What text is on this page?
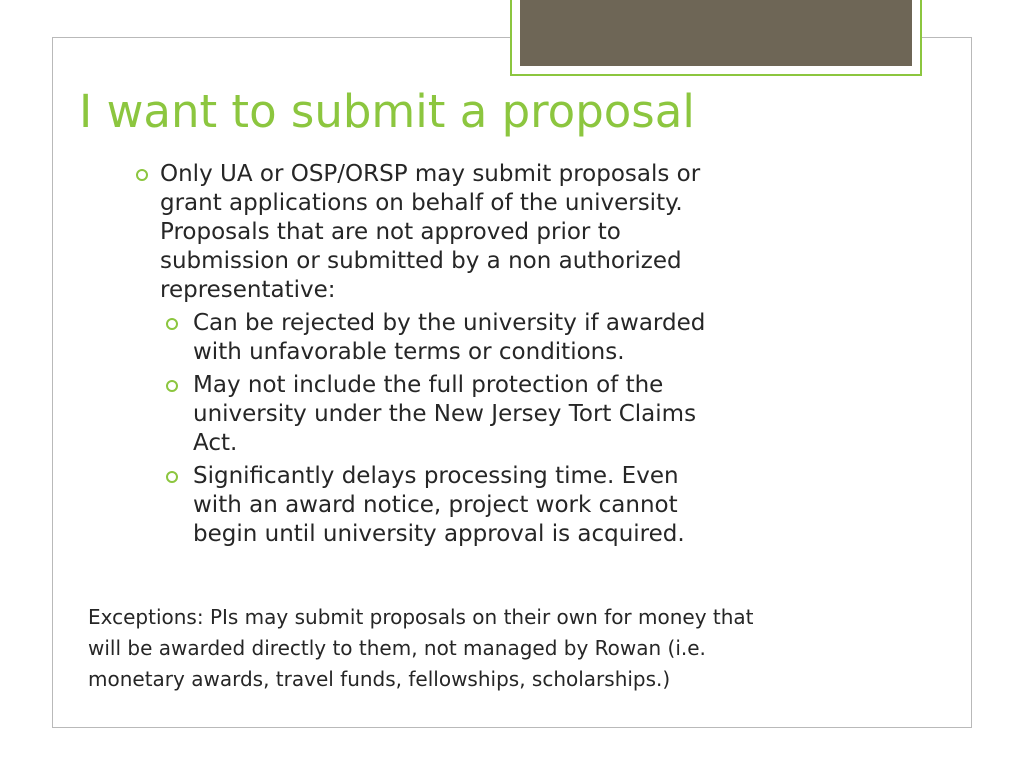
I want to submit a proposal
Only UA or OSP/ORSP may submit proposals or
grant applications on behalf of the university.
Proposals that are not approved prior to
submission or submitted by a non authorized
representative:
Can be rejected by the university if awarded
with unfavorable terms or conditions.
May not include the full protection of the
university under the New Jersey Tort Claims
Act.
Significantly delays processing time. Even
with an award notice, project work cannot
begin until university approval is acquired.
Exceptions: PIs may submit proposals on their own for money that
will be awarded directly to them, not managed by Rowan (i.e.
monetary awards, travel funds, fellowships, scholarships.)
